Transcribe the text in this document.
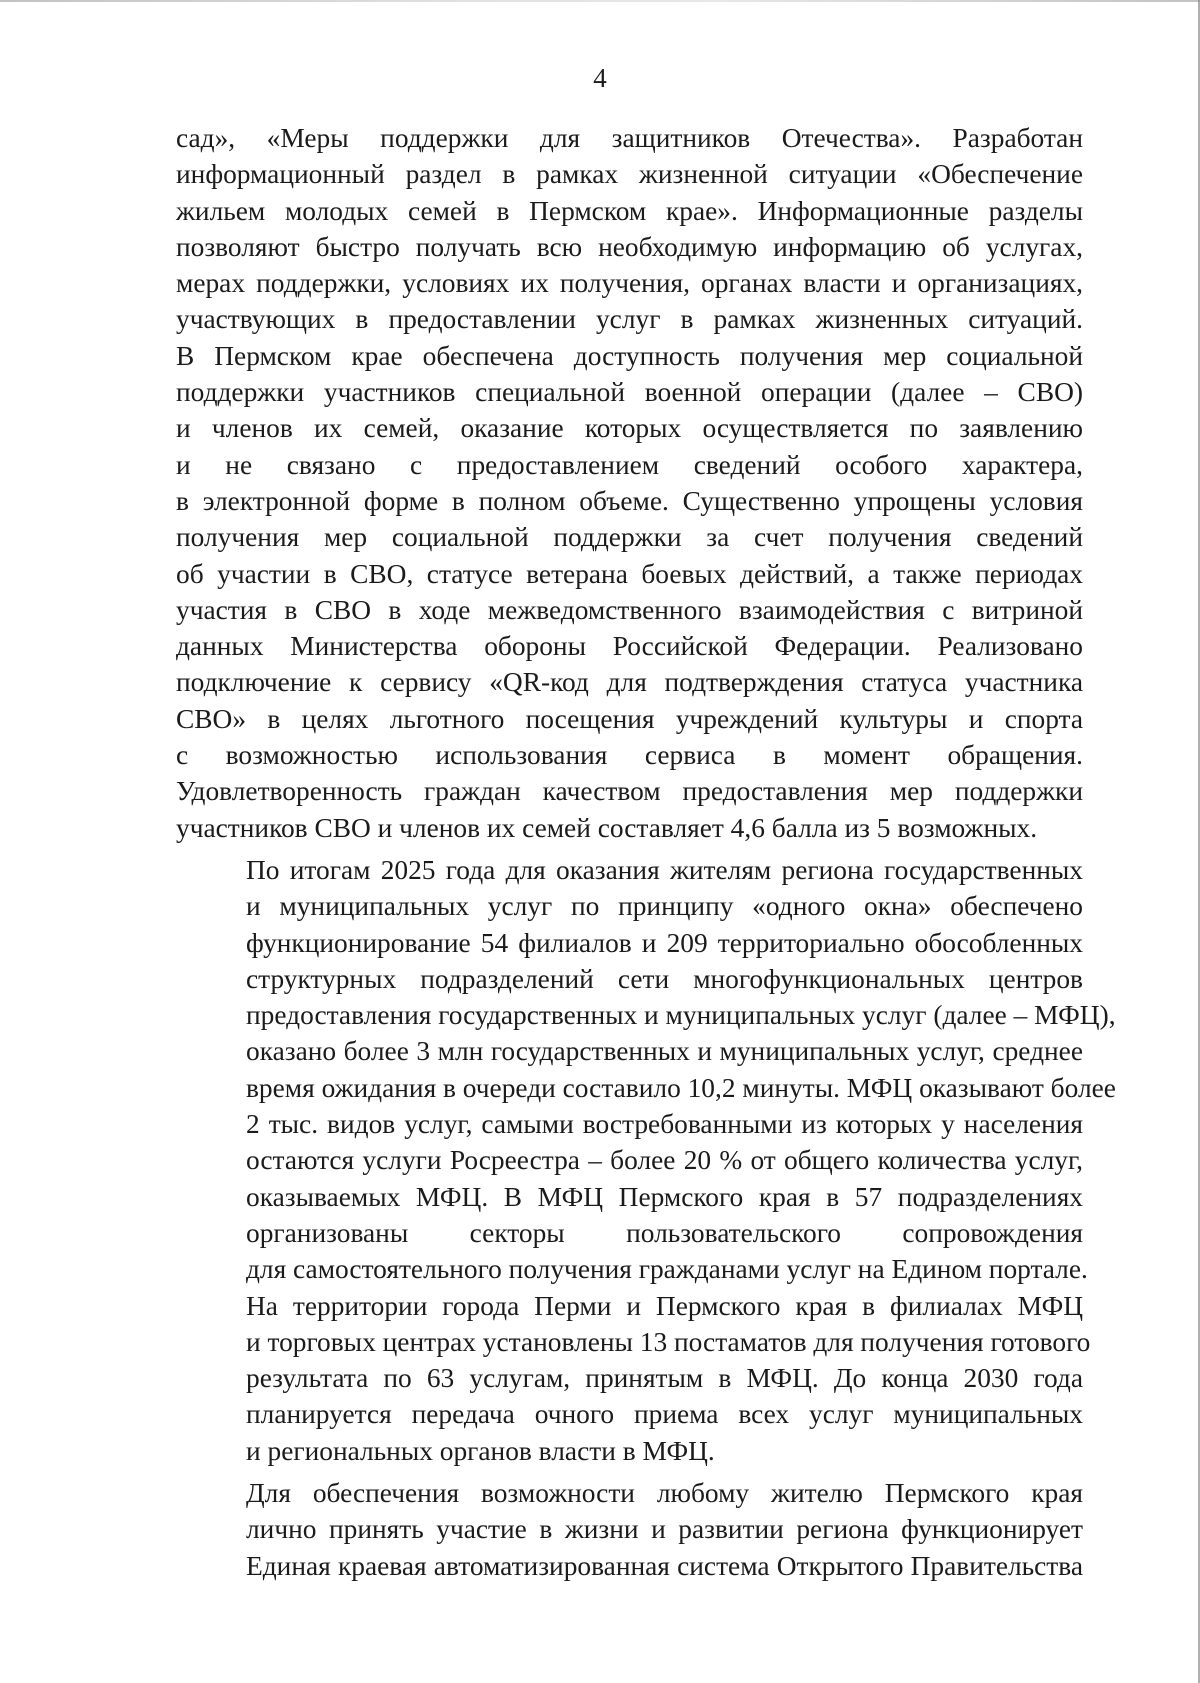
4
сад», «Меры поддержки для защитников Отечества». Разработан
информационный раздел в рамках жизненной ситуации «Обеспечение
жильем молодых семей в Пермском крае». Информационные разделы
позволяют быстро получать всю необходимую информацию об услугах,
мерах поддержки, условиях их получения, органах власти и организациях,
участвующих в предоставлении услуг в рамках жизненных ситуаций.
В Пермском крае обеспечена доступность получения мер социальной
поддержки участников специальной военной операции (далее – СВО)
и членов их семей, оказание которых осуществляется по заявлению
и не связано с предоставлением сведений особого характера,
в электронной форме в полном объеме. Существенно упрощены условия
получения мер социальной поддержки за счет получения сведений
об участии в СВО, статусе ветерана боевых действий, а также периодах
участия в СВО в ходе межведомственного взаимодействия с витриной
данных Министерства обороны Российской Федерации. Реализовано
подключение к сервису «QR-код для подтверждения статуса участника
СВО» в целях льготного посещения учреждений культуры и спорта
с возможностью использования сервиса в момент обращения.
Удовлетворенность граждан качеством предоставления мер поддержки
участников СВО и членов их семей составляет 4,6 балла из 5 возможных.
По итогам 2025 года для оказания жителям региона государственных
и муниципальных услуг по принципу «одного окна» обеспечено
функционирование 54 филиалов и 209 территориально обособленных
структурных подразделений сети многофункциональных центров
предоставления государственных и муниципальных услуг (далее – МФЦ),
оказано более 3 млн государственных и муниципальных услуг, среднее
время ожидания в очереди составило 10,2 минуты. МФЦ оказывают более
2 тыс. видов услуг, самыми востребованными из которых у населения
остаются услуги Росреестра – более 20 % от общего количества услуг,
оказываемых МФЦ. В МФЦ Пермского края в 57 подразделениях
организованы секторы пользовательского сопровождения
для самостоятельного получения гражданами услуг на Едином портале.
На территории города Перми и Пермского края в филиалах МФЦ
и торговых центрах установлены 13 постаматов для получения готового
результата по 63 услугам, принятым в МФЦ. До конца 2030 года
планируется передача очного приема всех услуг муниципальных
и региональных органов власти в МФЦ.
Для обеспечения возможности любому жителю Пермского края
лично принять участие в жизни и развитии региона функционирует
Единая краевая автоматизированная система Открытого Правительства
